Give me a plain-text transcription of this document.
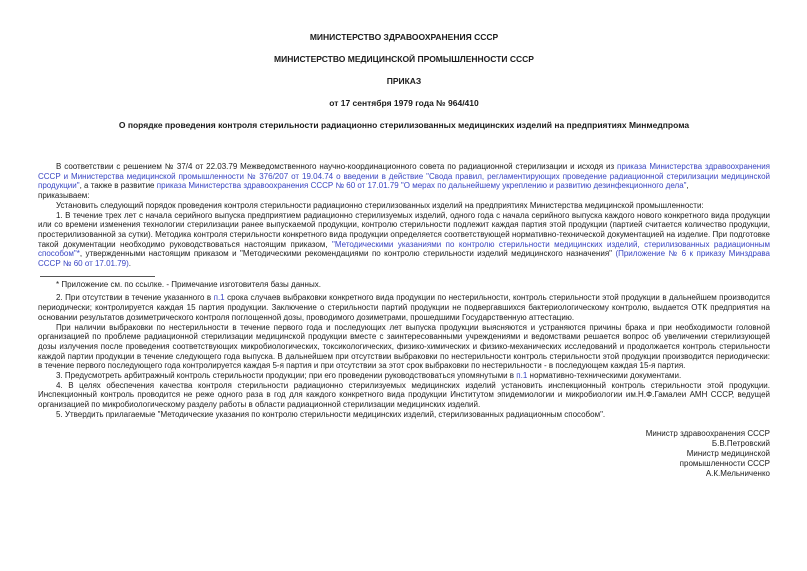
МИНИСТЕРСТВО ЗДРАВООХРАНЕНИЯ СССР

МИНИСТЕРСТВО МЕДИЦИНСКОЙ ПРОМЫШЛЕННОСТИ СССР

ПРИКАЗ

от 17 сентября 1979 года № 964/410

О порядке проведения контроля стерильности радиационно стерилизованных медицинских изделий на предприятиях Минмедпрома

В соответствии с решением № 37/4 от 22.03.79 Межведомственного научно-координационного совета по радиационной стерилизации и исходя из приказа Министерства здравоохранения СССР и Министерства медицинской промышленности № 376/207 от 19.04.74 о введении в действие "Свода правил, регламентирующих проведение радиационной стерилизации медицинской продукции", а также в развитие приказа Министерства здравоохранения СССР № 60 от 17.01.79 "О мерах по дальнейшему укреплению и развитию дезинфекционного дела",

приказываем:

Установить следующий порядок проведения контроля стерильности радиационно стерилизованных изделий на предприятиях Министерства медицинской промышленности:

1. В течение трех лет с начала серийного выпуска предприятием радиационно стерилизуемых изделий, одного года с начала серийного выпуска каждого нового конкретного вида продукции или со времени изменения технологии стерилизации ранее выпускаемой продукции, контролю стерильности подлежит каждая партия этой продукции (партией считается количество продукции, простерилизованной за сутки). Методика контроля стерильности конкретного вида продукции определяется соответствующей нормативно-технической документацией на изделие. При подготовке такой документации необходимо руководствоваться настоящим приказом, "Методическими указаниями по контролю стерильности медицинских изделий, стерилизованных радиационным способом"*, утвержденными настоящим приказом и "Методическими рекомендациями по контролю стерильности изделий медицинского назначения" (Приложение № 6 к приказу Минздрава СССР № 60 от 17.01.79).

* Приложение см. по ссылке. - Примечание изготовителя базы данных.

2. При отсутствии в течение указанного в п.1 срока случаев выбраковки конкретного вида продукции по нестерильности, контроль стерильности этой продукции в дальнейшем производится периодически; контролируется каждая 15 партия продукции. Заключение о стерильности партий продукции не подвергавшихся бактериологическому контролю, выдается ОТК предприятия на основании результатов дозиметрического контроля поглощенной дозы, проводимого дозиметрами, прошедшими Государственную аттестацию.

При наличии выбраковки по нестерильности в течение первого года и последующих лет выпуска продукции выясняются и устраняются причины брака и при необходимости головной организацией по проблеме радиационной стерилизации медицинской продукции вместе с заинтересованными учреждениями и ведомствами решается вопрос об увеличении стерилизующей дозы излучения после проведения соответствующих микробиологических, токсикологических, физико-химических и физико-механических исследований и продолжается контроль стерильности каждой партии продукции в течение следующего года выпуска. В дальнейшем при отсутствии выбраковки по нестерильности контроль стерильности этой продукции производится периодически: в течение первого последующего года контролируется каждая 5-я партия и при отсутствии за этот срок выбраковки по нестерильности - в последующем каждая 15-я партия.

3. Предусмотреть арбитражный контроль стерильности продукции; при его проведении руководствоваться упомянутыми в п.1 нормативно-техническими документами.

4. В целях обеспечения качества контроля стерильности радиационно стерилизуемых медицинских изделий установить инспекционный контроль стерильности этой продукции. Инспекционный контроль проводится не реже одного раза в год для каждого конкретного вида продукции Институтом эпидемиологии и микробиологии им.Н.Ф.Гамалеи АМН СССР, ведущей организацией по микробиологическому разделу работы в области радиационной стерилизации медицинских изделий.

5. Утвердить прилагаемые "Методические указания по контролю стерильности медицинских изделий, стерилизованных радиационным способом".

Министр здравоохранения СССР
Б.В.Петровский
Министр медицинской
промышленности СССР
А.К.Мельниченко
